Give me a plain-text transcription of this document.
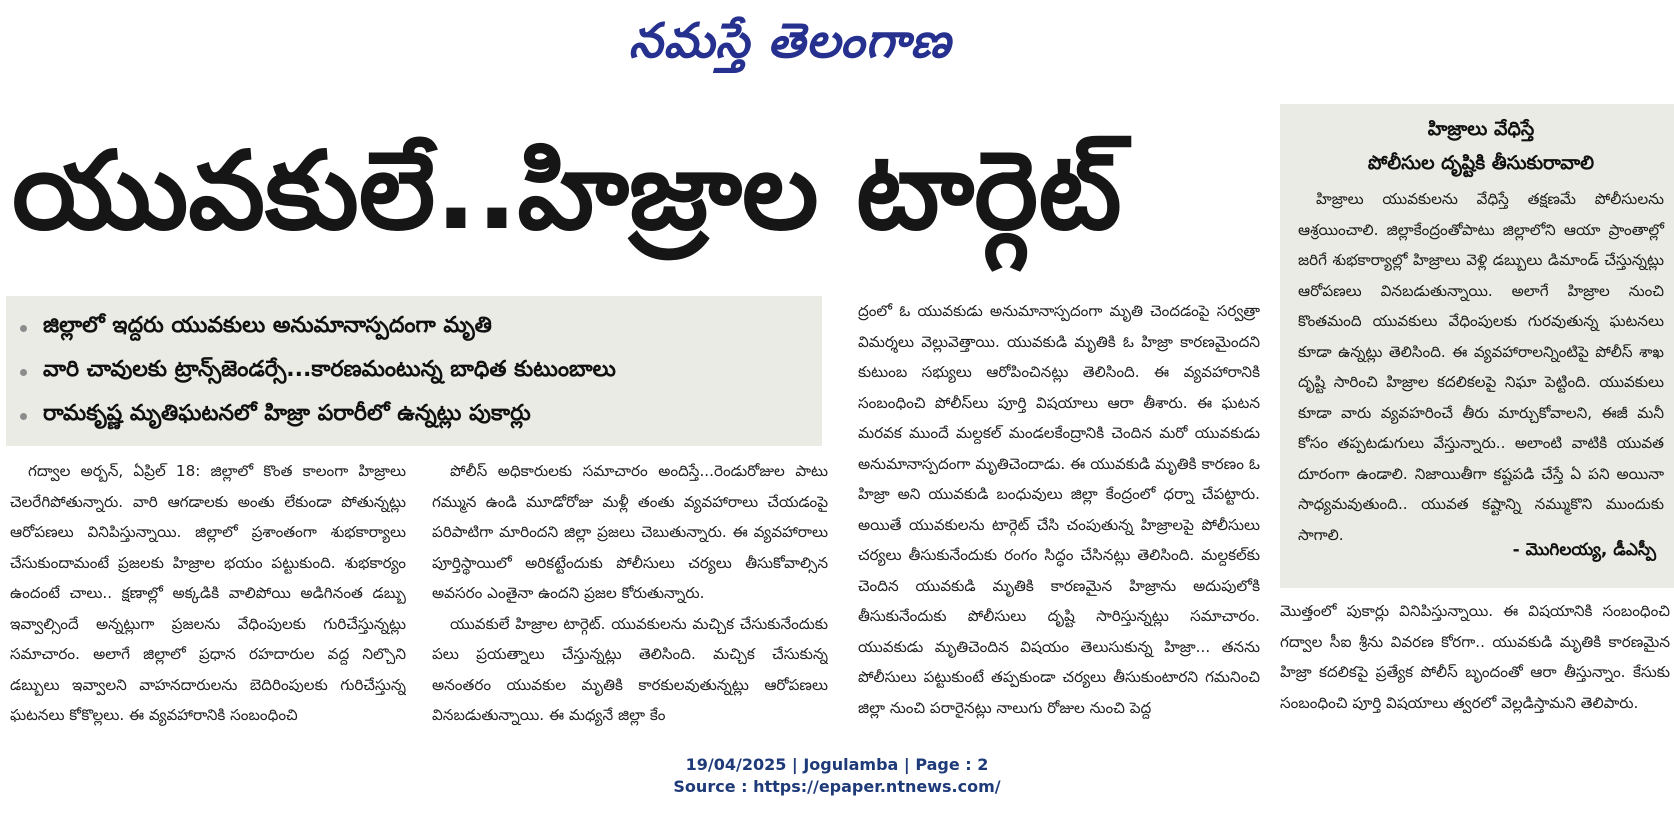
నమస్తే తెలంగాణ
యువకులే..హిజ్రాల టార్గెట్
జిల్లాలో ఇద్దరు యువకులు అనుమానాస్పదంగా మృతి
వారి చావులకు ట్రాన్స్‌జెండర్సే...కారణమంటున్న బాధిత కుటుంబాలు
రామకృష్ణ మృతిఘటనలో హిజ్రా పరారీలో ఉన్నట్లు పుకార్లు

గద్వాల అర్బన్, ఏప్రిల్ 18: జిల్లాలో కొంత కాలంగా హిజ్రాలు చెలరేగిపోతున్నారు. వారి ఆగడాలకు అంతు లేకుండా పోతున్నట్లు ఆరోపణలు వినిపిస్తున్నాయి. జిల్లాలో ప్రశాంతంగా శుభకార్యాలు చేసుకుందామంటే ప్రజలకు హిజ్రాల భయం పట్టుకుంది. శుభకార్యం ఉందంటే చాలు.. క్షణాల్లో అక్కడికి వాలిపోయి అడిగినంత డబ్బు ఇవ్వాల్సిందే అన్నట్లుగా ప్రజలను వేధింపులకు గురిచేస్తున్నట్లు సమాచారం. అలాగే జిల్లాలో ప్రధాన రహదారుల వద్ద నిల్చొని డబ్బులు ఇవ్వాలని వాహనదారులను బెదిరింపులకు గురిచేస్తున్న ఘటనలు కోకొల్లలు. ఈ వ్యవహారానికి సంబంధించి

పోలీస్ అధికారులకు సమాచారం అందిస్తే...రెండురోజుల పాటు గమ్మున ఉండి మూడోరోజు మళ్లీ తంతు వ్యవహారాలు చేయడంపై పరిపాటిగా మారిందని జిల్లా ప్రజలు చెబుతున్నారు. ఈ వ్యవహారాలు పూర్తిస్థాయిలో అరికట్టేందుకు పోలీసులు చర్యలు తీసుకోవాల్సిన అవసరం ఎంతైనా ఉందని ప్రజల కోరుతున్నారు.

యువకులే హిజ్రాల టార్గెట్. యువకులను మచ్చిక చేసుకునేందుకు పలు ప్రయత్నాలు చేస్తున్నట్లు తెలిసింది. మచ్చిక చేసుకున్న అనంతరం యువకుల మృతికి కారకులవుతున్నట్లు ఆరోపణలు వినబడుతున్నాయి. ఈ మధ్యనే జిల్లా కేం

ద్రంలో ఓ యువకుడు అనుమానాస్పదంగా మృతి చెందడంపై సర్వత్రా విమర్శలు వెల్లువెత్తాయి. యువకుడి మృతికి ఓ హిజ్రా కారణమైందని కుటుంబ సభ్యులు ఆరోపించినట్లు తెలిసింది. ఈ వ్యవహారానికి సంబంధించి పోలీస్‌లు పూర్తి విషయాలు ఆరా తీశారు. ఈ ఘటన మరవక ముందే మల్దకల్ మండలకేంద్రానికి చెందిన మరో యువకుడు అనుమానాస్పదంగా మృతిచెందాడు. ఈ యువకుడి మృతికి కారణం ఓ హిజ్రా అని యువకుడి బంధువులు జిల్లా కేంద్రంలో ధర్నా చేపట్టారు. అయితే యువకులను టార్గెట్ చేసి చంపుతున్న హిజ్రాలపై పోలీసులు చర్యలు తీసుకునేందుకు రంగం సిద్ధం చేసినట్లు తెలిసింది. మల్దకల్‌కు చెందిన యువకుడి మృతికి కారణమైన హిజ్రాను అదుపులోకి తీసుకునేందుకు పోలీసులు దృష్టి సారిస్తున్నట్లు సమాచారం. యువకుడు మృతిచెందిన విషయం తెలుసుకున్న హిజ్రా... తనను పోలీసులు పట్టుకుంటే తప్పకుండా చర్యలు తీసుకుంటారని గమనించి జిల్లా నుంచి పరారైనట్లు నాలుగు రోజుల నుంచి పెద్ద

హిజ్రాలు వేధిస్తే
పోలీసుల దృష్టికి తీసుకురావాలి

హిజ్రాలు యువకులను వేధిస్తే తక్షణమే పోలీసులను ఆశ్రయించాలి. జిల్లాకేంద్రంతోపాటు జిల్లాలోని ఆయా ప్రాంతాల్లో జరిగే శుభకార్యాల్లో హిజ్రాలు వెళ్లి డబ్బులు డిమాండ్ చేస్తున్నట్లు ఆరోపణలు వినబడుతున్నాయి. అలాగే హిజ్రాల నుంచి కొంతమంది యువకులు వేధింపులకు గురవుతున్న ఘటనలు కూడా ఉన్నట్లు తెలిసింది. ఈ వ్యవహారాలన్నింటిపై పోలీస్ శాఖ దృష్టి సారించి హిజ్రాల కదలికలపై నిఘా పెట్టింది. యువకులు కూడా వారు వ్యవహరించే తీరు మార్చుకోవాలని, ఈజీ మనీ కోసం తప్పటడుగులు వేస్తున్నారు.. అలాంటి వాటికి యువత దూరంగా ఉండాలి. నిజాయితీగా కష్టపడి చేస్తే ఏ పని అయినా సాధ్యమవుతుంది.. యువత కష్టాన్ని నమ్ముకొని ముందుకు సాగాలి.

- మొగిలయ్య, డీఎస్పీ

మొత్తంలో పుకార్లు వినిపిస్తున్నాయి. ఈ విషయానికి సంబంధించి గద్వాల సీఐ శ్రీను వివరణ కోరగా.. యువకుడి మృతికి కారణమైన హిజ్రా కదలికపై ప్రత్యేక పోలీస్ బృందంతో ఆరా తీస్తున్నాం. కేసుకు సంబంధించి పూర్తి విషయాలు త్వరలో వెల్లడిస్తామని తెలిపారు.

19/04/2025 | Jogulamba | Page : 2
Source : https://epaper.ntnews.com/
